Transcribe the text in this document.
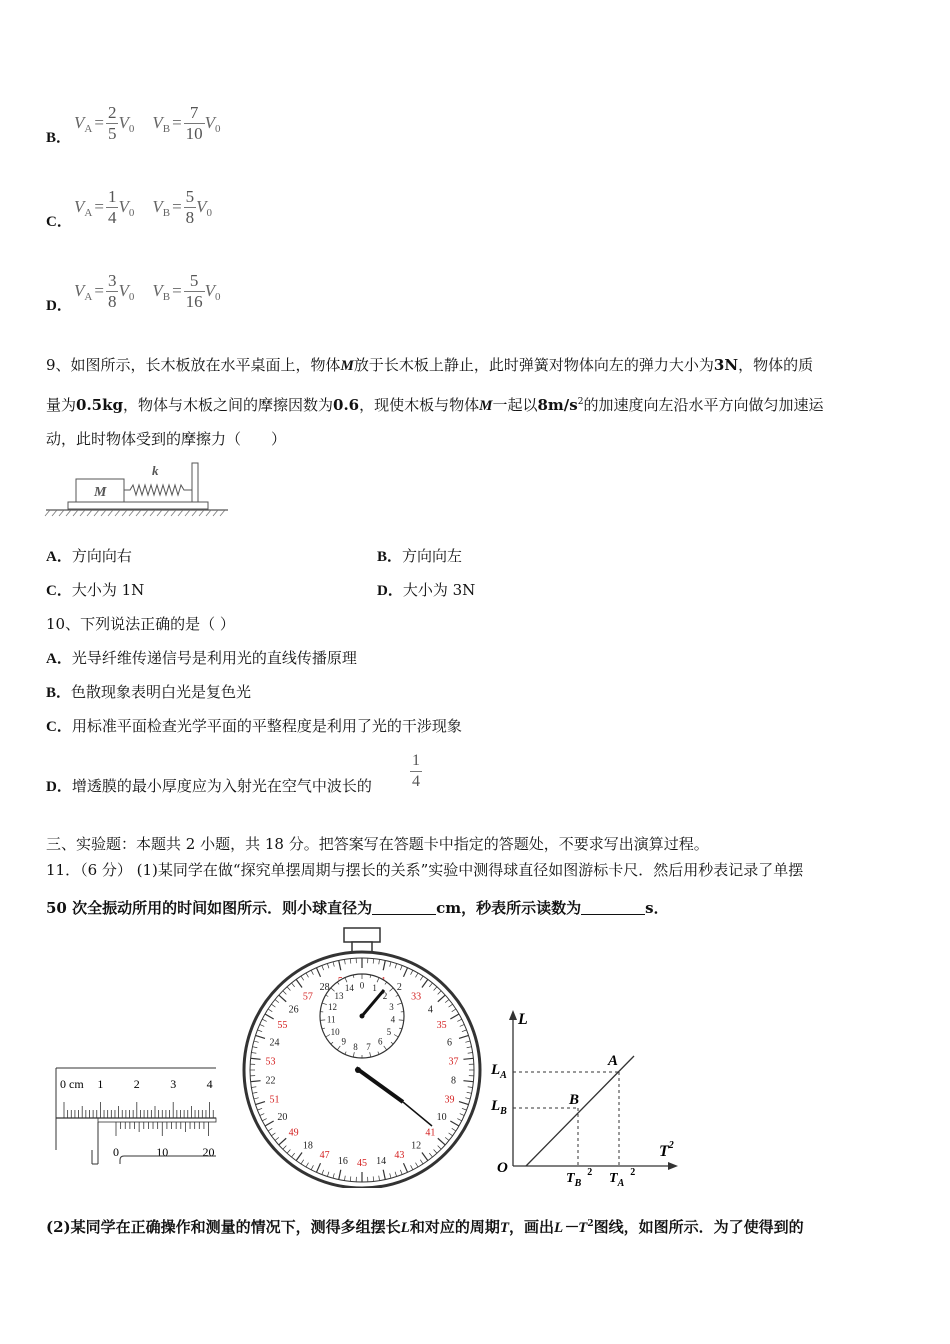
B．$V_A = \frac{2}{5} V_0$ $V_B = \frac{7}{10} V_0$
C．$V_A = \frac{1}{4} V_0$ $V_B = \frac{5}{8} V_0$
D．$V_A = \frac{3}{8} V_0$ $V_B = \frac{5}{16} V_0$
9、如图所示，长木板放在水平桌面上，物体M放于长木板上静止，此时弹簧对物体向左的弹力大小为3N，物体的质
量为0.5kg，物体与木板之间的摩擦因数为0.6，现使木板与物体M一起以$8m/s^2$的加速度向左沿水平方向做匀加速运
动，此时物体受到的摩擦力（　　）
M
k
A．方向向右	B．方向向左
C．大小为 1N	D．大小为 3N
10、下列说法正确的是（ ）
A．光导纤维传递信号是利用光的直线传播原理
B．色散现象表明白光是复色光
C．用标准平面检查光学平面的平整程度是利用了光的干涉现象
D．增透膜的最小厚度应为入射光在空气中波长的 $\frac{1}{4}$
三、实验题：本题共 2 小题，共 18 分。把答案写在答题卡中指定的答题处，不要求写出演算过程。
11．（6 分） (1)某同学在做“探究单摆周期与摆长的关系”实验中测得球直径如图游标卡尺．然后用秒表记录了单摆
50 次全振动所用的时间如图所示．则小球直径为	cm，秒表所示读数为	s．
0 cm 1	2	3	4
0	10	20
2
4
6
8
10
12
14
16
18
20
22
24
26
28
33
35
37
39
41
43
45
47
49
51
53
55
57
0 1
2
3
4
5
6
7
8
9
10
11
12
13
14
L
$T^2$
O
$L_A$
$L_B$
A
B
$T_B^2$ $T_A^2$
(2)某同学在正确操作和测量的情况下，测得多组摆长L和对应的周期T，画出$L-T^2$图线，如图所示．为了使得到的
